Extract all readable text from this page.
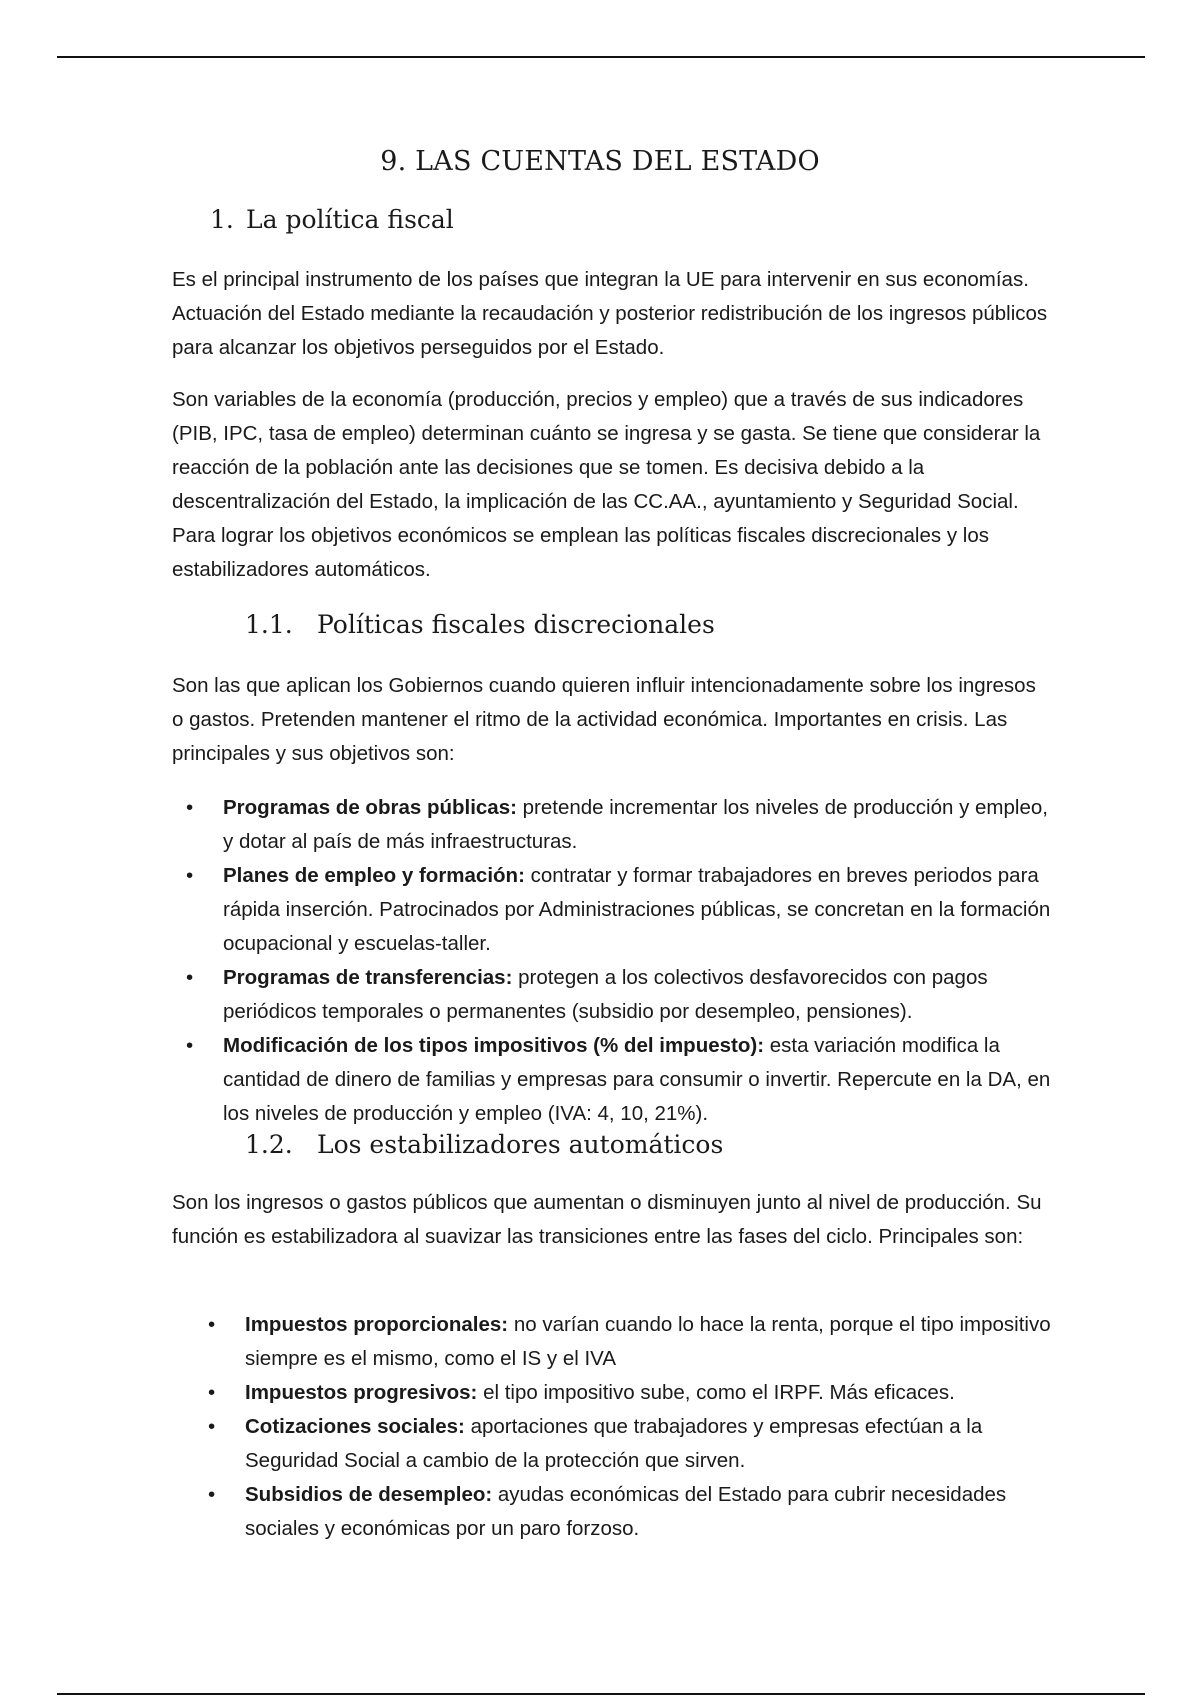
9. LAS CUENTAS DEL ESTADO
1. La política fiscal

Es el principal instrumento de los países que integran la UE para intervenir en sus economías. Actuación del Estado mediante la recaudación y posterior redistribución de los ingresos públicos para alcanzar los objetivos perseguidos por el Estado.

Son variables de la economía (producción, precios y empleo) que a través de sus indicadores (PIB, IPC, tasa de empleo) determinan cuánto se ingresa y se gasta. Se tiene que considerar la reacción de la población ante las decisiones que se tomen. Es decisiva debido a la descentralización del Estado, la implicación de las CC.AA., ayuntamiento y Seguridad Social. Para lograr los objetivos económicos se emplean las políticas fiscales discrecionales y los estabilizadores automáticos.

1.1. Políticas fiscales discrecionales

Son las que aplican los Gobiernos cuando quieren influir intencionadamente sobre los ingresos o gastos. Pretenden mantener el ritmo de la actividad económica. Importantes en crisis. Las principales y sus objetivos son:

• Programas de obras públicas: pretende incrementar los niveles de producción y empleo, y dotar al país de más infraestructuras.
• Planes de empleo y formación: contratar y formar trabajadores en breves periodos para rápida inserción. Patrocinados por Administraciones públicas, se concretan en la formación ocupacional y escuelas-taller.
• Programas de transferencias: protegen a los colectivos desfavorecidos con pagos periódicos temporales o permanentes (subsidio por desempleo, pensiones).
• Modificación de los tipos impositivos (% del impuesto): esta variación modifica la cantidad de dinero de familias y empresas para consumir o invertir. Repercute en la DA, en los niveles de producción y empleo (IVA: 4, 10, 21%).
1.2. Los estabilizadores automáticos

Son los ingresos o gastos públicos que aumentan o disminuyen junto al nivel de producción. Su función es estabilizadora al suavizar las transiciones entre las fases del ciclo. Principales son:

• Impuestos proporcionales: no varían cuando lo hace la renta, porque el tipo impositivo siempre es el mismo, como el IS y el IVA
• Impuestos progresivos: el tipo impositivo sube, como el IRPF. Más eficaces.
• Cotizaciones sociales: aportaciones que trabajadores y empresas efectúan a la Seguridad Social a cambio de la protección que sirven.
• Subsidios de desempleo: ayudas económicas del Estado para cubrir necesidades sociales y económicas por un paro forzoso.
